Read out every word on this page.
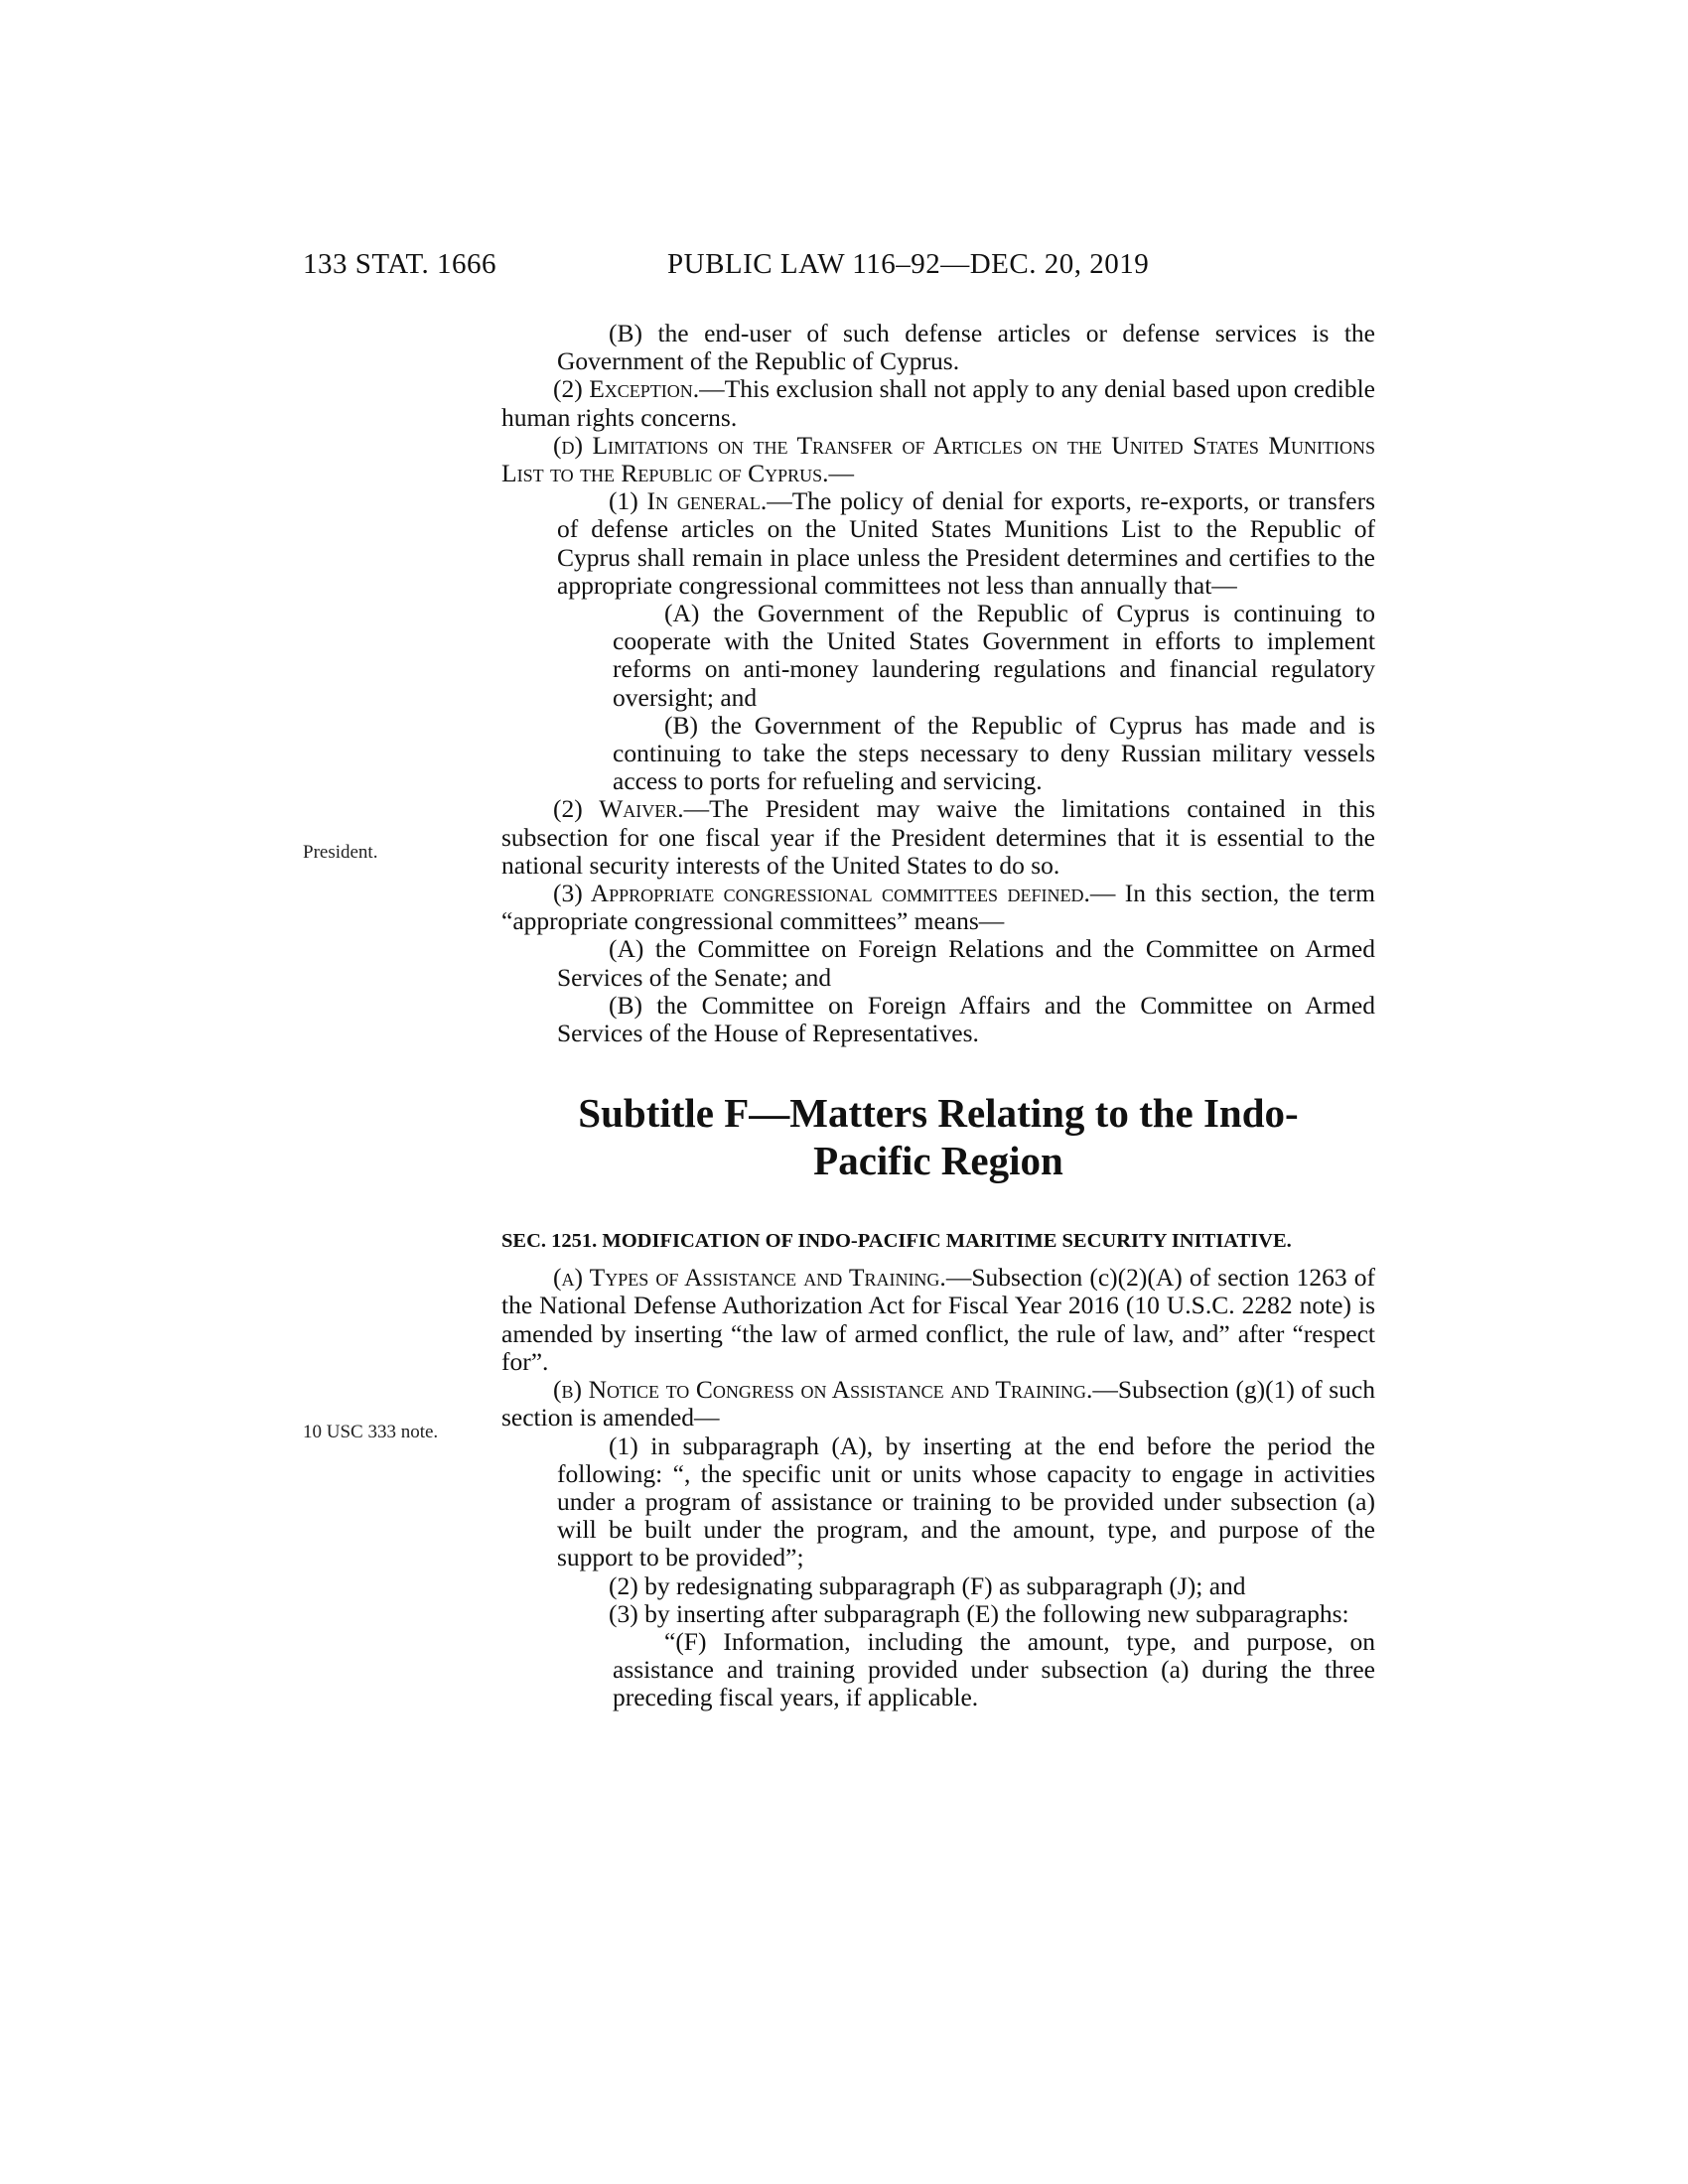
133 STAT. 1666	PUBLIC LAW 116–92—DEC. 20, 2019
President.
10 USC 333 note.

(B) the end-user of such defense articles or defense services is the Government of the Republic of Cyprus.

(2) Exception.—This exclusion shall not apply to any denial based upon credible human rights concerns.

(d) Limitations on the Transfer of Articles on the United States Munitions List to the Republic of Cyprus.—

(1) In general.—The policy of denial for exports, re-exports, or transfers of defense articles on the United States Munitions List to the Republic of Cyprus shall remain in place unless the President determines and certifies to the appropriate congressional committees not less than annually that—

(A) the Government of the Republic of Cyprus is continuing to cooperate with the United States Government in efforts to implement reforms on anti-money laundering regulations and financial regulatory oversight; and

(B) the Government of the Republic of Cyprus has made and is continuing to take the steps necessary to deny Russian military vessels access to ports for refueling and servicing.

(2) Waiver.—The President may waive the limitations contained in this subsection for one fiscal year if the President determines that it is essential to the national security interests of the United States to do so.

(3) Appropriate congressional committees defined.— In this section, the term “appropriate congressional committees” means—

(A) the Committee on Foreign Relations and the Committee on Armed Services of the Senate; and

(B) the Committee on Foreign Affairs and the Committee on Armed Services of the House of Representatives.

Subtitle F—Matters Relating to the Indo-
Pacific Region

SEC. 1251. MODIFICATION OF INDO-PACIFIC MARITIME SECURITY INITIATIVE.

(a) Types of Assistance and Training.—Subsection (c)(2)(A) of section 1263 of the National Defense Authorization Act for Fiscal Year 2016 (10 U.S.C. 2282 note) is amended by inserting “the law of armed conflict, the rule of law, and” after “respect for”.

(b) Notice to Congress on Assistance and Training.—Subsection (g)(1) of such section is amended—

(1) in subparagraph (A), by inserting at the end before the period the following: “, the specific unit or units whose capacity to engage in activities under a program of assistance or training to be provided under subsection (a) will be built under the program, and the amount, type, and purpose of the support to be provided”;

(2) by redesignating subparagraph (F) as subparagraph (J); and

(3) by inserting after subparagraph (E) the following new subparagraphs:

“(F) Information, including the amount, type, and purpose, on assistance and training provided under subsection (a) during the three preceding fiscal years, if applicable.
